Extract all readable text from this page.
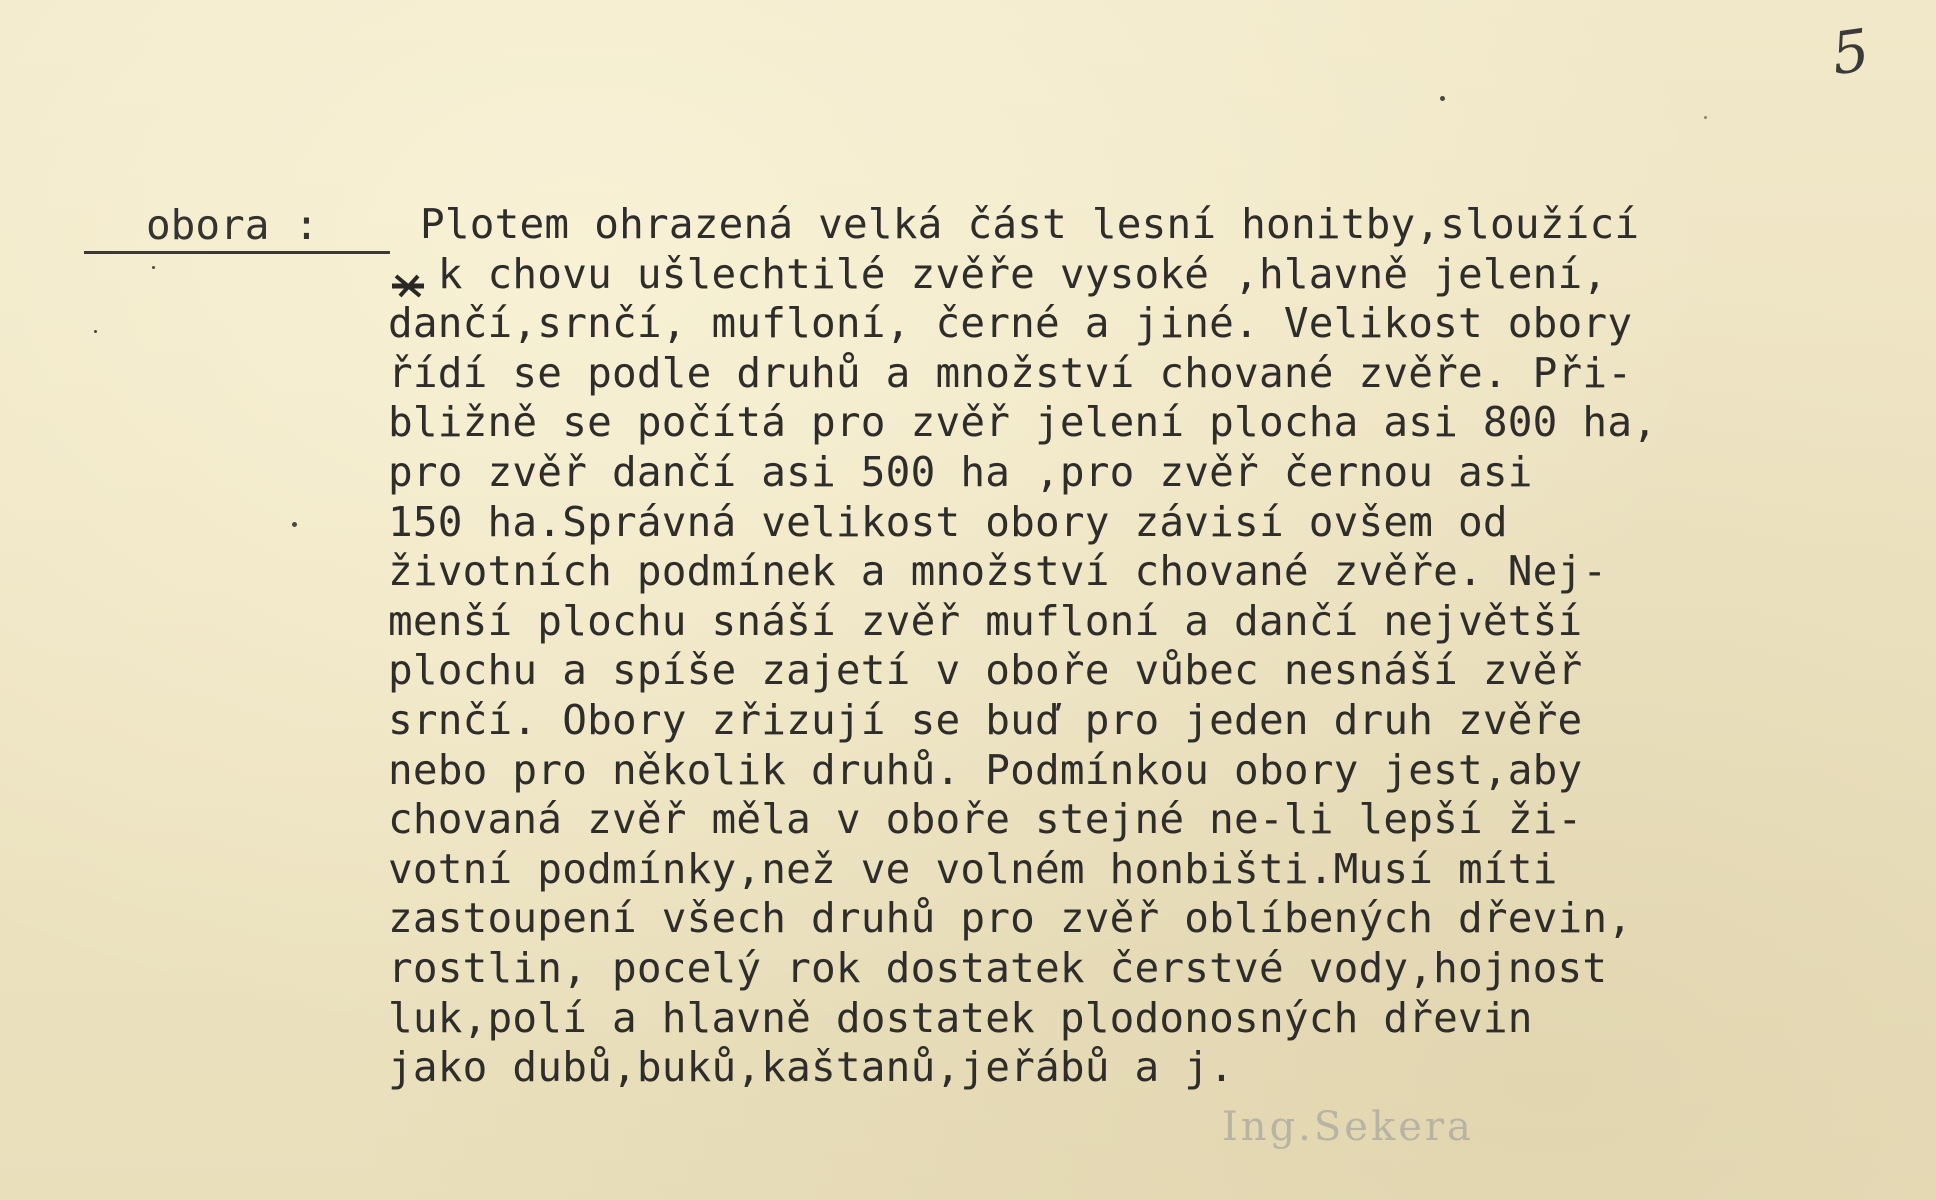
5
obora : Plotem ohrazená velká část lesní honitby,sloužící
k chovu ušlechtilé zvěře vysoké ,hlavně jelení,
dančí,srnčí, mufloní, černé a jiné. Velikost obory
řídí se podle druhů a množství chované zvěře. Při-
bližně se počítá pro zvěř jelení plocha asi 800 ha,
pro zvěř dančí asi 500 ha ,pro zvěř černou asi
150 ha.Správná velikost obory závisí ovšem od
životních podmínek a množství chované zvěře. Nej-
menší plochu snáší zvěř mufloní a dančí největší
plochu a spíše zajetí v oboře vůbec nesnáší zvěř
srnčí. Obory zřizují se buď pro jeden druh zvěře
nebo pro několik druhů. Podmínkou obory jest,aby
chovaná zvěř měla v oboře stejné ne-li lepší ži-
votní podmínky,než ve volném honbišti.Musí míti
zastoupení všech druhů pro zvěř oblíbených dřevin,
rostlin, pocelý rok dostatek čerstvé vody,hojnost
luk,polí a hlavně dostatek plodonosných dřevin
jako dubů,buků,kaštanů,jeřábů a j.
Ing.Sekera
